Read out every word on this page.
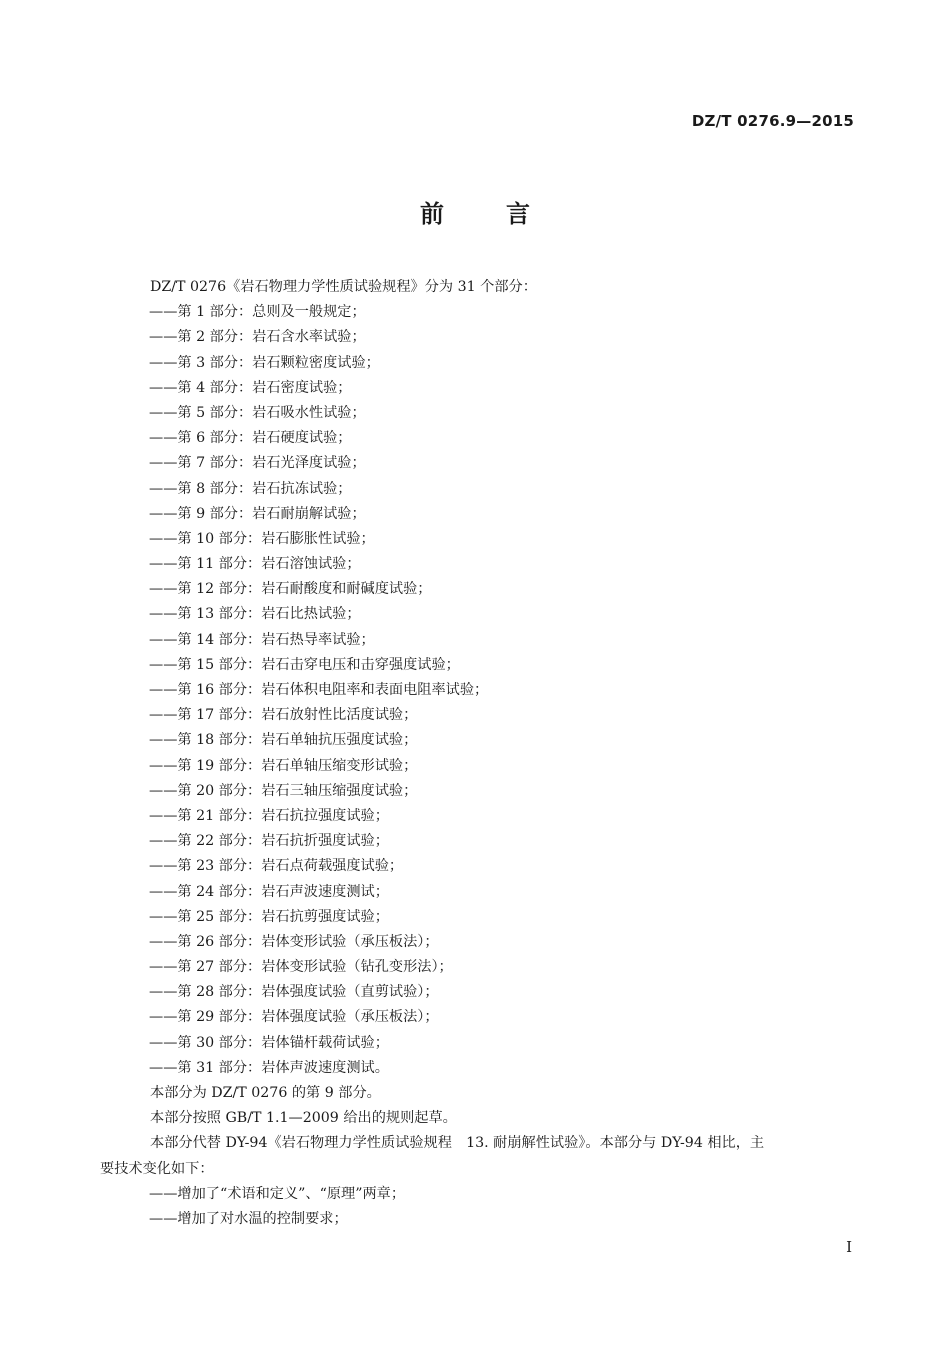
DZ/T 0276.9—2015
前	言
DZ/T 0276《岩石物理力学性质试验规程》分为 31 个部分：
——第 1 部分：总则及一般规定；
——第 2 部分：岩石含水率试验；
——第 3 部分：岩石颗粒密度试验；
——第 4 部分：岩石密度试验；
——第 5 部分：岩石吸水性试验；
——第 6 部分：岩石硬度试验；
——第 7 部分：岩石光泽度试验；
——第 8 部分：岩石抗冻试验；
——第 9 部分：岩石耐崩解试验；
——第 10 部分：岩石膨胀性试验；
——第 11 部分：岩石溶蚀试验；
——第 12 部分：岩石耐酸度和耐碱度试验；
——第 13 部分：岩石比热试验；
——第 14 部分：岩石热导率试验；
——第 15 部分：岩石击穿电压和击穿强度试验；
——第 16 部分：岩石体积电阻率和表面电阻率试验；
——第 17 部分：岩石放射性比活度试验；
——第 18 部分：岩石单轴抗压强度试验；
——第 19 部分：岩石单轴压缩变形试验；
——第 20 部分：岩石三轴压缩强度试验；
——第 21 部分：岩石抗拉强度试验；
——第 22 部分：岩石抗折强度试验；
——第 23 部分：岩石点荷载强度试验；
——第 24 部分：岩石声波速度测试；
——第 25 部分：岩石抗剪强度试验；
——第 26 部分：岩体变形试验（承压板法）；
——第 27 部分：岩体变形试验（钻孔变形法）；
——第 28 部分：岩体强度试验（直剪试验）；
——第 29 部分：岩体强度试验（承压板法）；
——第 30 部分：岩体锚杆载荷试验；
——第 31 部分：岩体声波速度测试。
本部分为 DZ/T 0276 的第 9 部分。
本部分按照 GB/T 1.1—2009 给出的规则起草。
本部分代替 DY-94《岩石物理力学性质试验规程　13. 耐崩解性试验》。本部分与 DY-94 相比，主
要技术变化如下：
——增加了“术语和定义”、“原理”两章；
——增加了对水温的控制要求；
I
